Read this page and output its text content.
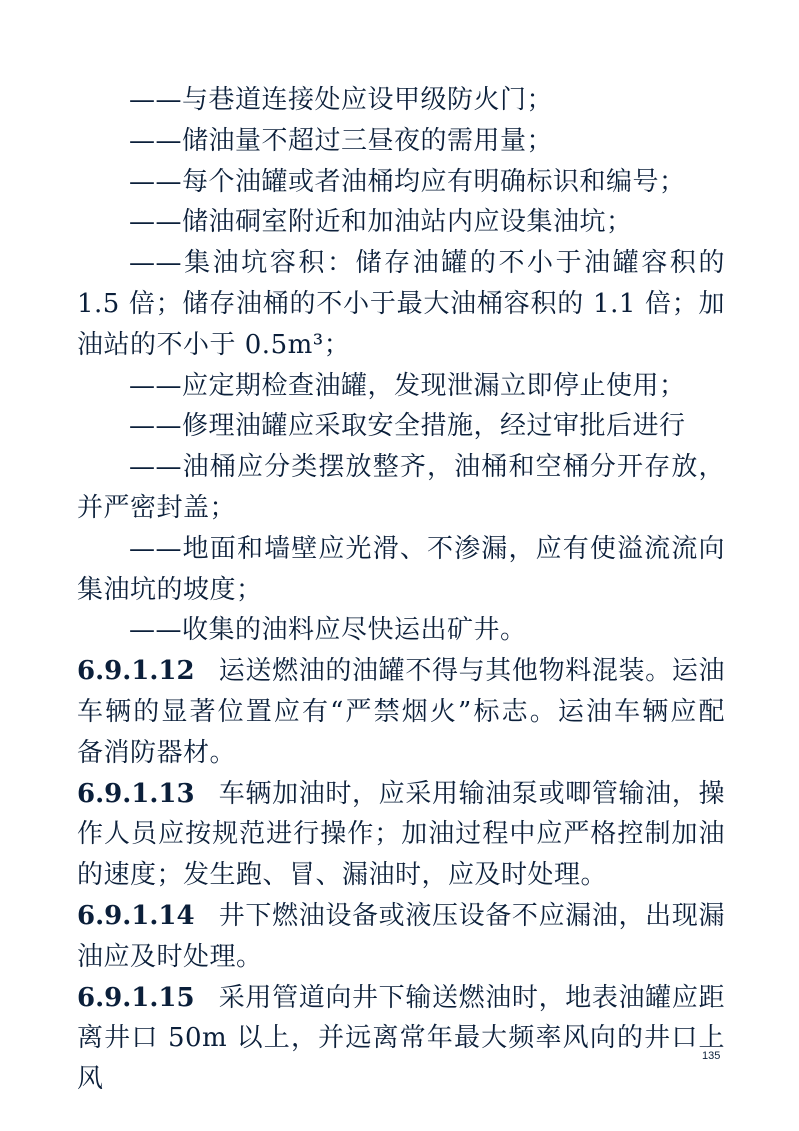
——与巷道连接处应设甲级防火门；
——储油量不超过三昼夜的需用量；
——每个油罐或者油桶均应有明确标识和编号；
——储油硐室附近和加油站内应设集油坑；
——集油坑容积：储存油罐的不小于油罐容积的
1.5 倍；储存油桶的不小于最大油桶容积的 1.1 倍；加
油站的不小于 0.5m³；
——应定期检查油罐，发现泄漏立即停止使用；
——修理油罐应采取安全措施，经过审批后进行
——油桶应分类摆放整齐，油桶和空桶分开存放，
并严密封盖；
——地面和墙壁应光滑、不渗漏，应有使溢流流向
集油坑的坡度；
——收集的油料应尽快运出矿井。
6.9.1.12 运送燃油的油罐不得与其他物料混装。运油
车辆的显著位置应有“严禁烟火”标志。运油车辆应配
备消防器材。
6.9.1.13 车辆加油时，应采用输油泵或唧管输油，操
作人员应按规范进行操作；加油过程中应严格控制加油
的速度；发生跑、冒、漏油时，应及时处理。
6.9.1.14 井下燃油设备或液压设备不应漏油，出现漏
油应及时处理。
6.9.1.15 采用管道向井下输送燃油时，地表油罐应距
离井口 50m 以上，并远离常年最大频率风向的井口上风
135
